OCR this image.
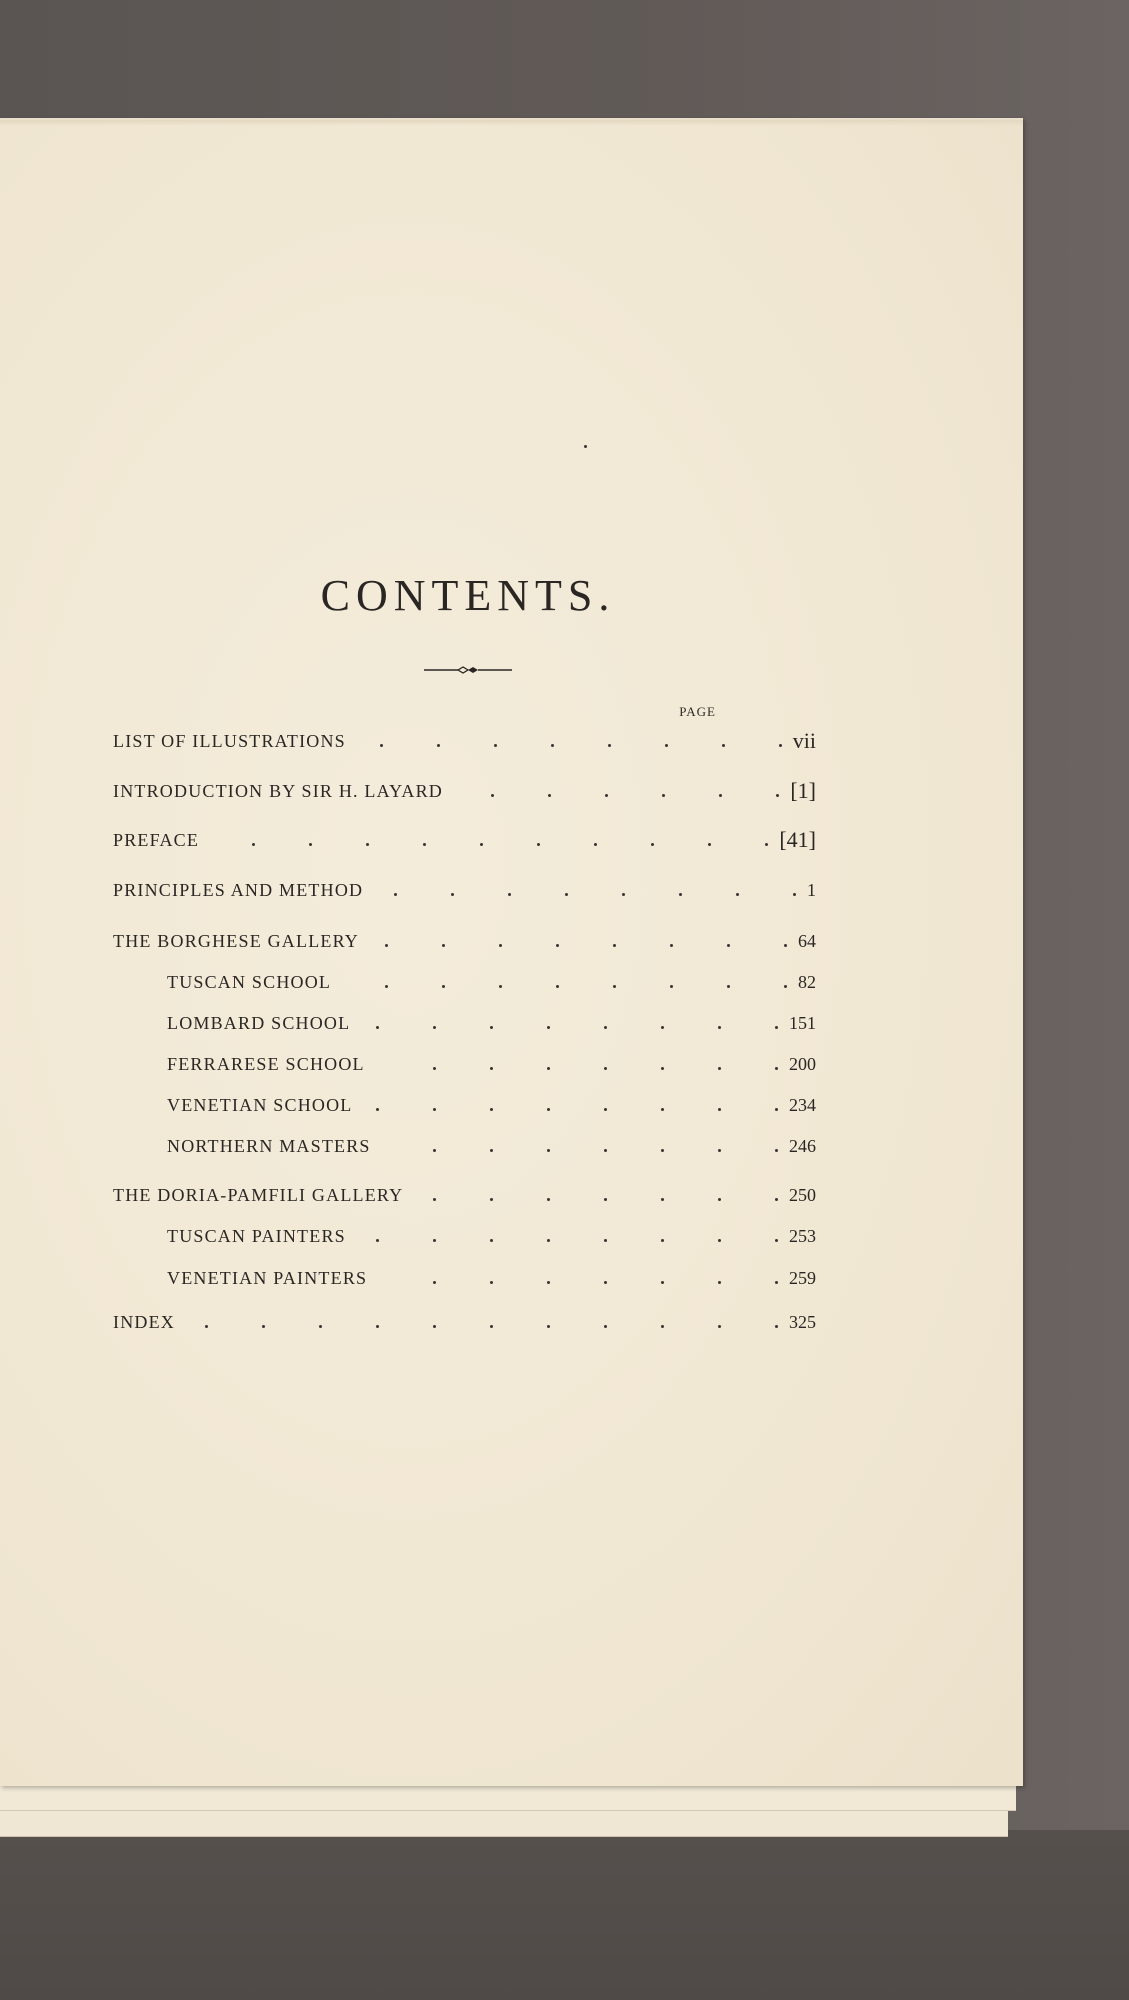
CONTENTS.
PAGE
LIST OF ILLUSTRATIONS	vii
INTRODUCTION BY SIR H. LAYARD	[1]
PREFACE	[41]
PRINCIPLES AND METHOD	1
THE BORGHESE GALLERY	64
TUSCAN SCHOOL	82
LOMBARD SCHOOL	151
FERRARESE SCHOOL	200
VENETIAN SCHOOL	234
NORTHERN MASTERS	246
THE DORIA-PAMFILI GALLERY	250
TUSCAN PAINTERS	253
VENETIAN PAINTERS	259
INDEX	325
